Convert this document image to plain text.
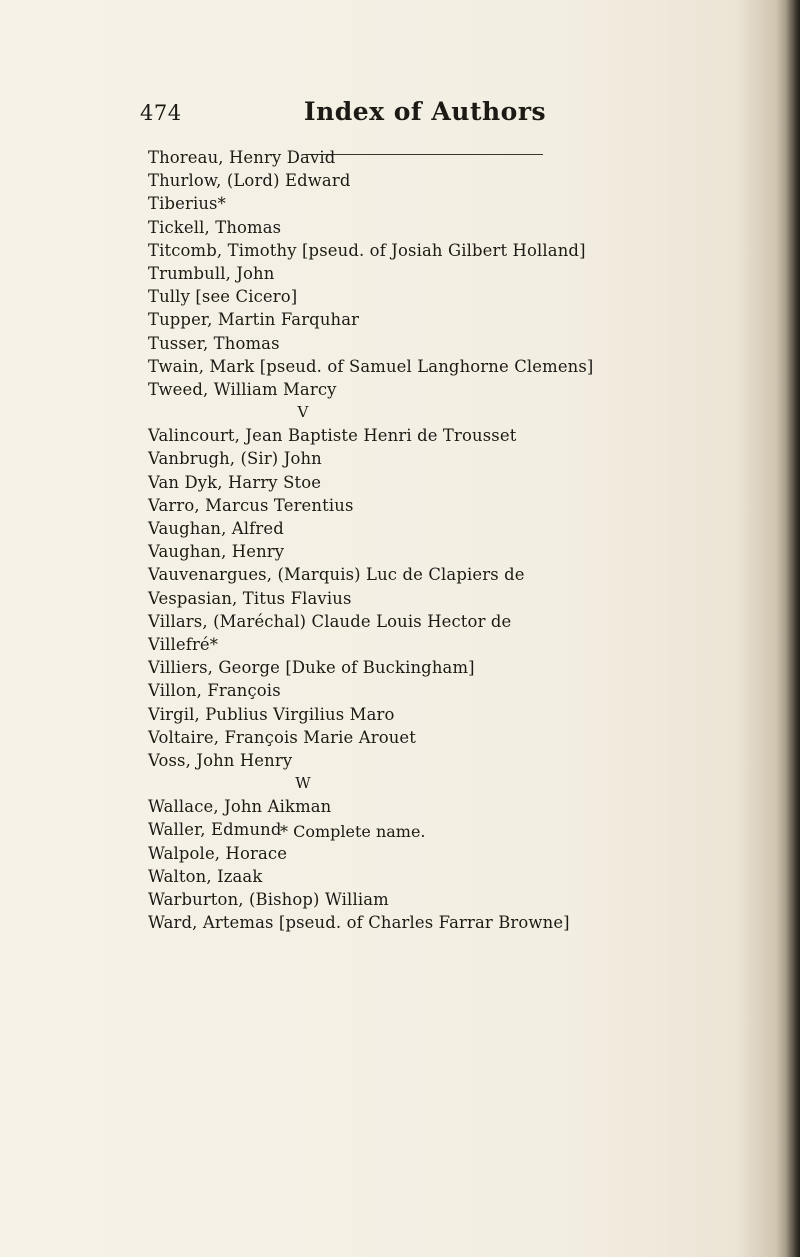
474	Index of Authors
Thoreau, Henry David
Thurlow, (Lord) Edward
Tiberius*
Tickell, Thomas
Titcomb, Timothy [pseud. of Josiah Gilbert Holland]
Trumbull, John
Tully [see Cicero]
Tupper, Martin Farquhar
Tusser, Thomas
Twain, Mark [pseud. of Samuel Langhorne Clemens]
Tweed, William Marcy
V
Valincourt, Jean Baptiste Henri de Trousset
Vanbrugh, (Sir) John
Van Dyk, Harry Stoe
Varro, Marcus Terentius
Vaughan, Alfred
Vaughan, Henry
Vauvenargues, (Marquis) Luc de Clapiers de
Vespasian, Titus Flavius
Villars, (Maréchal) Claude Louis Hector de
Villefré*
Villiers, George [Duke of Buckingham]
Villon, François
Virgil, Publius Virgilius Maro
Voltaire, François Marie Arouet
Voss, John Henry
W
Wallace, John Aikman
Waller, Edmund
Walpole, Horace
Walton, Izaak
Warburton, (Bishop) William
Ward, Artemas [pseud. of Charles Farrar Browne]
* Complete name.
